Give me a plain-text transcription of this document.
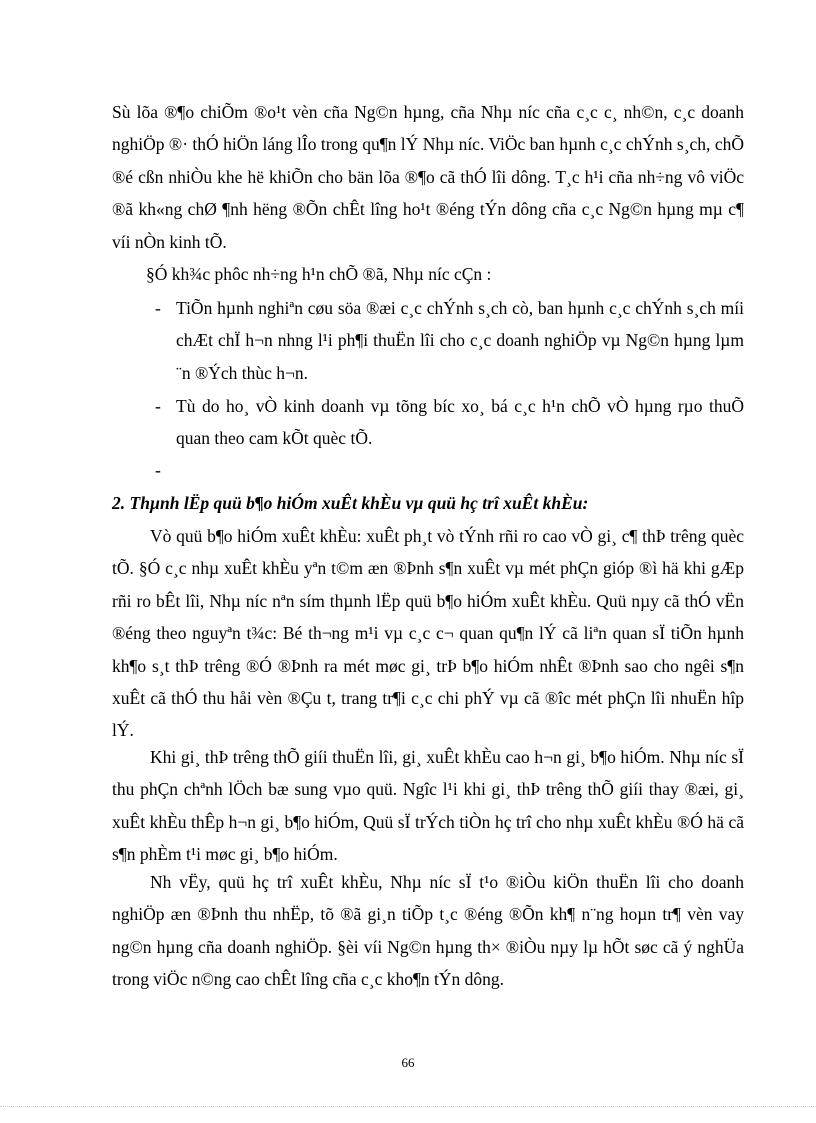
Sù lõa ®¶o chiÕm ®o¹t vèn cña Ng©n hµng, cña Nhµ níc cña c¸c c¸ nh©n, c¸c doanh nghiÖp ®· thÓ hiÖn láng lÎo trong qu¶n lÝ Nhµ níc. ViÖc ban hµnh c¸c chÝnh s¸ch, chÕ ®é cßn nhiÒu khe hë khiÕn cho bän lõa ®¶o cã thÓ lîi dông. T¸c h¹i cña nh÷ng vô viÖc ®ã kh«ng chØ ¶nh hëng ®Õn chÊt lîng ho¹t ®éng tÝn dông cña c¸c Ng©n hµng mµ c¶ víi nÒn kinh tÕ.

§Ó kh¾c phôc nh÷ng h¹n chÕ ®ã, Nhµ níc cÇn :

- TiÕn hµnh nghiªn cøu söa ®æi c¸c chÝnh s¸ch cò, ban hµnh c¸c chÝnh s¸ch míi chÆt chÏ h¬n nhng l¹i ph¶i thuËn lîi cho c¸c doanh nghiÖp vµ Ng©n hµng lµm ¨n ®Ých thùc h¬n.
- Tù do ho¸ vÒ kinh doanh vµ tõng bíc xo¸ bá c¸c h¹n chÕ vÒ hµng rµo thuÕ quan theo cam kÕt quèc tÕ.
-
2. Thµnh lËp quü b¶o hiÓm xuÊt khÈu vµ quü hç trî xuÊt khÈu:

Vò quü b¶o hiÓm xuÊt khÈu: xuÊt ph¸t vò tÝnh rñi ro cao vÒ gi¸ c¶ thÞ trêng quèc tÕ. §Ó c¸c nhµ xuÊt khÈu yªn t©m æn ®Þnh s¶n xuÊt vµ mét phÇn gióp ®ì hä khi gÆp rñi ro bÊt lîi, Nhµ níc nªn sím thµnh lËp quü b¶o hiÓm xuÊt khÈu. Quü nµy cã thÓ vËn ®éng theo nguyªn t¾c: Bé th¬ng m¹i vµ c¸c c¬ quan qu¶n lÝ cã liªn quan sÏ tiÕn hµnh kh¶o s¸t thÞ trêng ®Ó ®Þnh ra mét møc gi¸ trÞ b¶o hiÓm nhÊt ®Þnh sao cho ngêi s¶n xuÊt cã thÓ thu håi vèn ®Çu t, trang tr¶i c¸c chi phÝ vµ cã ®îc mét phÇn lîi nhuËn hîp lÝ.

Khi gi¸ thÞ trêng thÕ giíi thuËn lîi, gi¸ xuÊt khÈu cao h¬n gi¸ b¶o hiÓm. Nhµ níc sÏ thu phÇn chªnh lÖch bæ sung vµo quü. Ngîc l¹i khi gi¸ thÞ trêng thÕ giíi thay ®æi, gi¸ xuÊt khÈu thÊp h¬n gi¸ b¶o hiÓm, Quü sÏ trÝch tiÒn hç trî cho nhµ xuÊt khÈu ®Ó hä cã s¶n phÈm t¹i møc gi¸ b¶o hiÓm.

Nh vËy, quü hç trî xuÊt khÈu, Nhµ níc sÏ t¹o ®iÒu kiÖn thuËn lîi cho doanh nghiÖp æn ®Þnh thu nhËp, tõ ®ã gi¸n tiÕp t¸c ®éng ®Õn kh¶ n¨ng hoµn tr¶ vèn vay ng©n hµng cña doanh nghiÖp. §èi víi Ng©n hµng th× ®iÒu nµy lµ hÕt søc cã ý nghÜa trong viÖc n©ng cao chÊt lîng cña c¸c kho¶n tÝn dông.

66
